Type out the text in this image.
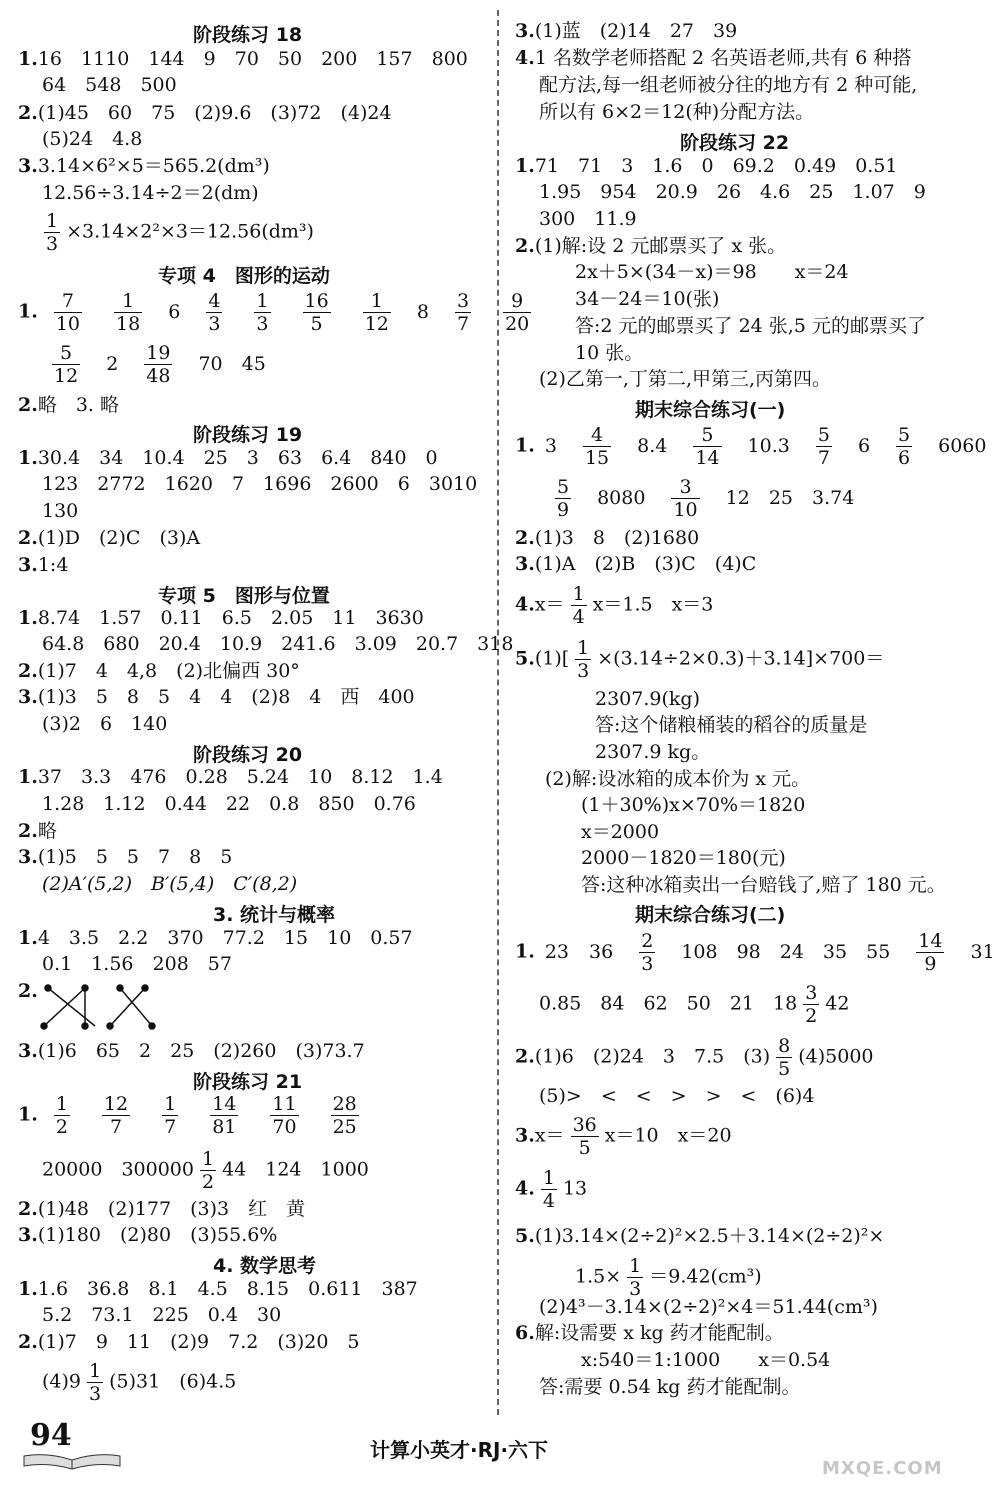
阶段练习 18
1.16　1110　144　9　70　50　200　157　800
64　548　500
2.(1)45　60　75　(2)9.6　(3)72　(4)24
(5)24　4.8
3.3.14×6²×5＝565.2(dm³)
12.56÷3.14÷2＝2(dm)
$\frac{1}{3} \times 3.14\times 2^2\times 3=12.56(dm^3)$
专项 4　图形的运动
1. $\frac{7}{10} \frac{1}{18} 6 \frac{4}{3} \frac{1}{3} \frac{16}{5} \frac{1}{12} 8 \frac{3}{7} \frac{9}{20}$
$\frac{5}{12} 2 \frac{19}{48} 70$　45
2.略　3. 略
阶段练习 19
1.30.4　34　10.4　25　3　63　6.4　840　0
123　2772　1620　7　1696　2600　6　3010
130
2.(1)D　(2)C　(3)A
3.1:4
专项 5　图形与位置
1.8.74　1.57　0.11　6.5　2.05　11　3630
64.8　680　20.4　10.9　241.6　3.09　20.7　318
2.(1)7　4　4,8　(2)北偏西 30°
3.(1)3　5　8　5　4　4　(2)8　4　西　400
(3)2　6　140
阶段练习 20
1.37　3.3　476　0.28　5.24　10　8.12　1.4
1.28　1.12　0.44　22　0.8　850　0.76
2.略
3.(1)5　5　5　7　8　5
(2)A′(5,2)　B′(5,4)　C′(8,2)
3. 统计与概率
1.4　3.5　2.2　370　77.2　15　10　0.57
0.1　1.56　208　57
2.
3.(1)6　65　2　25　(2)260　(3)73.7
阶段练习 21
1. $\frac{1}{2} \frac{12}{7} \frac{1}{7} \frac{14}{81} \frac{11}{70} \frac{28}{25}$
20000　$300000 \frac{1}{2} 44$　124　1000
2.(1)48　(2)177　(3)3　红　黄
3.(1)180　(2)80　(3)55.6%
4. 数学思考
1.1.6　36.8　8.1　4.5　8.15　0.611　387
5.2　73.1　225　0.4　30
2.(1)7　9　11　(2)9　7.2　(3)20　5
$(4)9 \frac{1}{3} (5)31$　(6)4.5
3.(1)蓝　(2)14　27　39
4.1 名数学老师搭配 2 名英语老师,共有 6 种搭
配方法,每一组老师被分往的地方有 2 种可能,
所以有 6×2＝12(种)分配方法。
阶段练习 22
1.71　71　3　1.6　0　69.2　0.49　0.51
1.95　954　20.9　26　4.6　25　1.07　9
300　11.9
2.(1)解:设 2 元邮票买了 x 张。
2x＋5×(34－x)＝98　　x＝24
34－24＝10(张)
答:2 元的邮票买了 24 张,5 元的邮票买了
10 张。
(2)乙第一,丁第二,甲第三,丙第四。
期末综合练习(一)
1. $3 \frac{4}{15} 8.4 \frac{5}{14} 10.3 \frac{5}{7} 6 \frac{5}{6} 6060$
$\frac{5}{9} 8080 \frac{3}{10} 12$　25　3.74
2.(1)3　8　(2)1680
3.(1)A　(2)B　(3)C　(4)C
$4.x= \frac{1}{4} x=1.5$　x＝3
$5.(1)[ \frac{1}{3} \times(3.14\div 2\times 0.3)+3.14]\times 700=$
2307.9(kg)
答:这个储粮桶装的稻谷的质量是
2307.9 kg。
(2)解:设冰箱的成本价为 x 元。
(1＋30%)x×70%＝1820
x＝2000
2000－1820＝180(元)
答:这种冰箱卖出一台赔钱了,赔了 180 元。
期末综合练习(二)
1. 23 $36 \frac{2}{3} 108$　98　24　35　$55 \frac{14}{9} 31$
0.85　84　62　50　21　$18 \frac{3}{2} 42$
2.(1)6　(2)24　3　7.5　$(3) \frac{8}{5} (4)5000$
(5)>　<　<　>　>　<　(6)4
$3.x= \frac{36}{5} x=10$　x＝20
4. $\frac{1}{4} 13$
5.(1)3.14×(2÷2)²×2.5＋3.14×(2÷2)²×
$1.5\times \frac{1}{3} =9.42(cm^3)$
(2)4³－3.14×(2÷2)²×4＝51.44(cm³)
6.解:设需要 x kg 药才能配制。
x:540＝1:1000　　x＝0.54
答:需要 0.54 kg 药才能配制。
94	计算小英才·RJ·六下
MXQE.COM
